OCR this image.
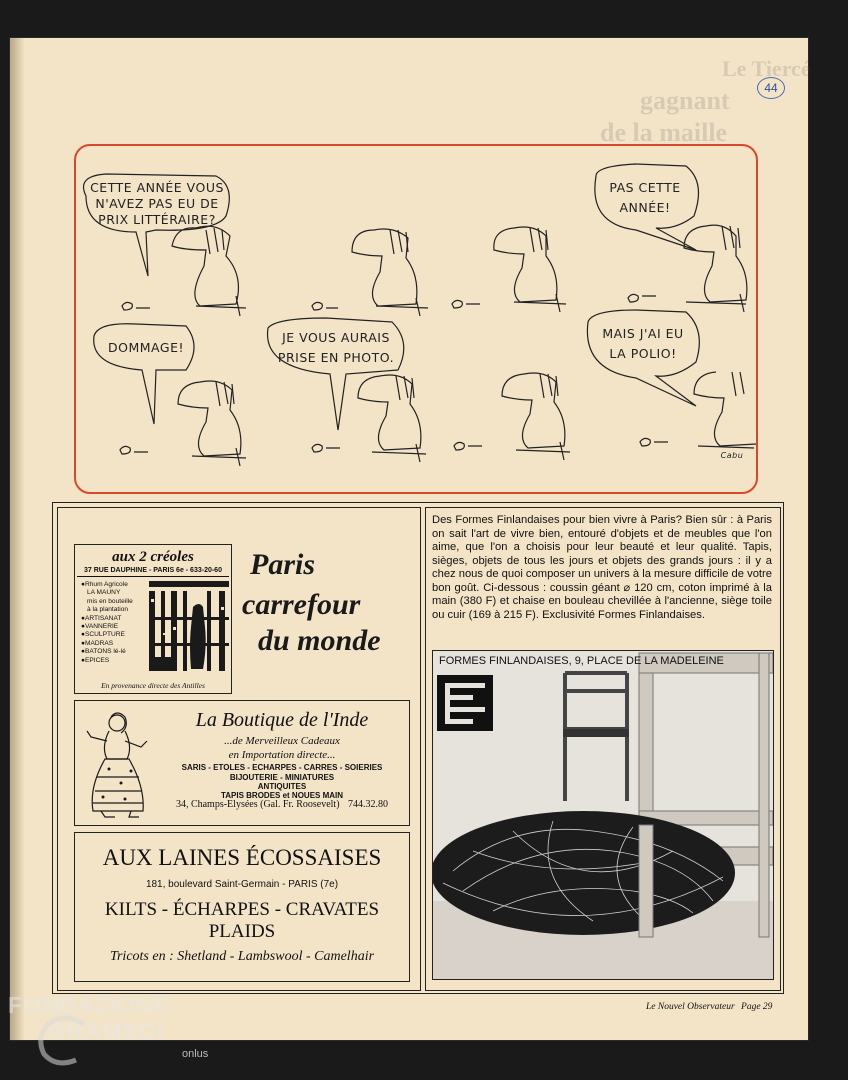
Le Tiercé
gagnant
de la maille
44
CETTE ANNÉE VOUS
N'AVEZ PAS EU DE
PRIX LITTÉRAIRE?
PAS CETTE
ANNÉE!
DOMMAGE!
JE VOUS AURAIS
PRISE EN PHOTO.
MAIS J'AI EU
LA POLIO!
Cabu
aux 2 créoles
37 RUE DAUPHINE - PARIS 6e - 633-20-60
●Rhum Agricole
LA MAUNY
mis en bouteille
à la plantation
●ARTISANAT
●VANNERIE
●SCULPTURE
●MADRAS
●BATONS lé-lé
●EPICES
En provenance directe des Antilles
Paris
carrefour
du monde
La Boutique de l'Inde
...de Merveilleux Cadeaux
en Importation directe...
SARIS - ETOLES - ECHARPES - CARRES - SOIERIES
BIJOUTERIE - MINIATURES
ANTIQUITES
TAPIS BRODES et NOUES MAIN
34, Champs-Elysées (Gal. Fr. Roosevelt) 744.32.80
AUX LAINES ÉCOSSAISES
181, boulevard Saint-Germain - PARIS (7e)
KILTS - ÉCHARPES - CRAVATES
PLAIDS
Tricots en : Shetland - Lambswool - Camelhair
Des Formes Finlandaises pour bien vivre à Paris? Bien sûr : à Paris on sait l'art de vivre bien, entouré d'objets et de meubles que l'on aime, que l'on a choisis pour leur beauté et leur qualité. Tapis, sièges, objets de tous les jours et objets des grands jours : il y a chez nous de quoi composer un univers à la mesure difficile de votre bon goût. Ci-dessous : coussin géant ⌀ 120 cm, coton imprimé à la main (380 F) et chaise en bouleau chevillée à l'ancienne, siège toile ou cuir (169 à 215 F). Exclusivité Formes Finlandaises.
FORMES FINLANDAISES, 9, PLACE DE LA MADELEINE
Le Nouvel Observateur Page 29
FONDAZIONE
GRAMSCI
onlus
